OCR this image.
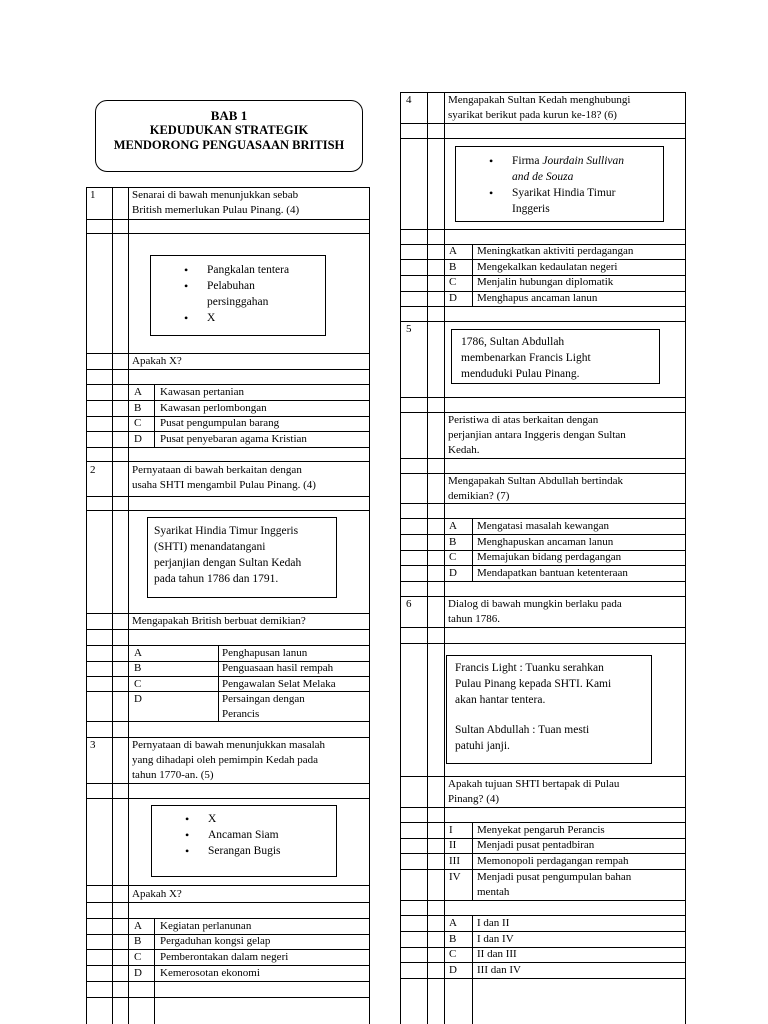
BAB 1
KEDUDUKAN STRATEGIK
MENDORONG PENGUASAAN BRITISH
1	Senarai di bawah menunjukkan sebab
British memerlukan Pulau Pinang. (4)
• Pangkalan tentera
• Pelabuhan
persinggahan
• X
Apakah X?
A Kawasan pertanian
B Kawasan perlombongan
C Pusat pengumpulan barang
D Pusat penyebaran agama Kristian
2	Pernyataan di bawah berkaitan dengan
usaha SHTI mengambil Pulau Pinang. (4)

Syarikat Hindia Timur Inggeris

(SHTI) menandatangani

perjanjian dengan Sultan Kedah

pada tahun 1786 dan 1791.

Mengapakah British berbuat demikian?
A	Penghapusan lanun
B	Penguasaan hasil rempah
C	Pengawalan Selat Melaka
D	Persaingan dengan
Perancis
3	Pernyataan di bawah menunjukkan masalah
yang dihadapi oleh pemimpin Kedah pada
tahun 1770-an. (5)
• X
• Ancaman Siam
• Serangan Bugis
Apakah X?
A Kegiatan perlanunan
B Pergaduhan kongsi gelap
C Pemberontakan dalam negeri
D Kemerosotan ekonomi
4	Mengapakah Sultan Kedah menghubungi
syarikat berikut pada kurun ke-18? (6)
• Firma Jourdain Sullivan
and de Souza
• Syarikat Hindia Timur
Inggeris
A Meningkatkan aktiviti perdagangan
B Mengekalkan kedaulatan negeri
C Menjalin hubungan diplomatik
D Menghapus ancaman lanun
5

1786, Sultan Abdullah

membenarkan Francis Light

menduduki Pulau Pinang.

Peristiwa di atas berkaitan dengan
perjanjian antara Inggeris dengan Sultan
Kedah.
Mengapakah Sultan Abdullah bertindak
demikian? (7)
A Mengatasi masalah kewangan
B Menghapuskan ancaman lanun
C Memajukan bidang perdagangan
D Mendapatkan bantuan ketenteraan
6	Dialog di bawah mungkin berlaku pada
tahun 1786.

Francis Light : Tuanku serahkan

Pulau Pinang kepada SHTI. Kami

akan hantar tentera.

Sultan Abdullah : Tuan mesti

patuhi janji.

Apakah tujuan SHTI bertapak di Pulau
Pinang? (4)
I Menyekat pengaruh Perancis
II Menjadi pusat pentadbiran
III Memonopoli perdagangan rempah
IV Menjadi pusat pengumpulan bahan
mentah
A I dan II
B I dan IV
C II dan III
D III dan IV
